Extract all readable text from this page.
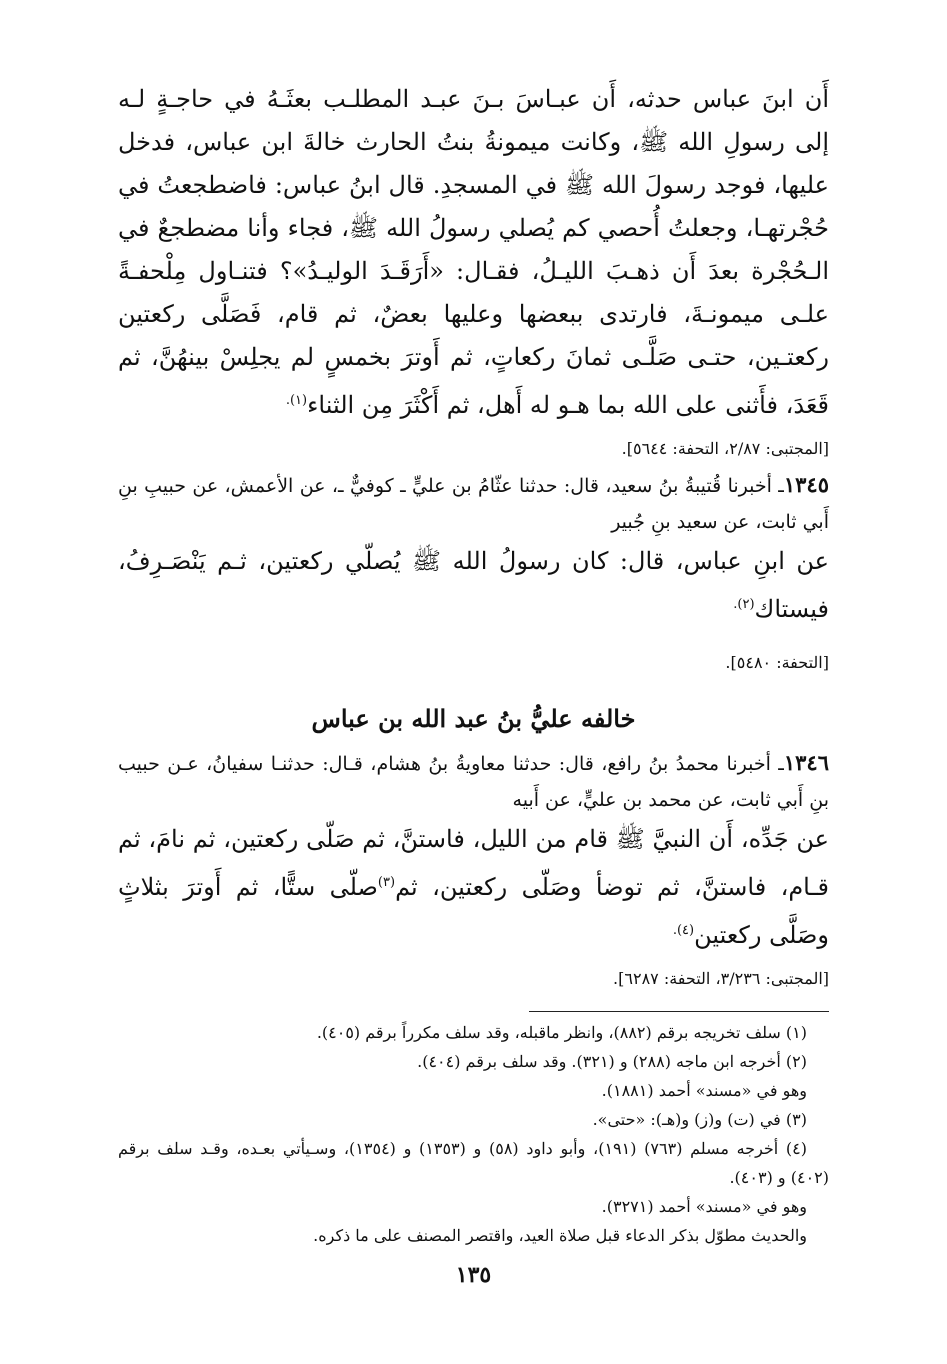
أَن ابنَ عباس حدثه، أَن عبـاسَ بـنَ عبـد المطلـب بعثَـهُ في حاجـةٍ لـه إلى رسولِ الله ﷺ، وكانت ميمونةُ بنتُ الحارث خالةَ ابن عباس، فدخل عليها، فوجد رسولَ الله ﷺ في المسجدِ. قال ابنُ عباس: فاضطجعتُ في حُجْرتهـا، وجعلتُ أُحصي كم يُصلي رسولُ الله ﷺ، فجاء وأنا مضطجعٌ في الـحُجْرة بعدَ أَن ذهـبَ الليـلُ، فقـال: «أَرَقَـدَ الوليـدُ»؟ فتنـاول مِلْحفـةً علـى ميمونـةَ، فارتدى ببعضها وعليها بعضٌ، ثم قام، فَصَلَّى ركعتين ركعتـين، حتـى صَلَّـى ثمانَ ركعاتٍ، ثم أَوترَ بخمسٍ لم يجلِسْ بينهُنَّ، ثم قَعَدَ، فأَثنى على الله بما هـو له أَهل، ثم أَكْثَرَ مِن الثناء$^{(١).}$

[المجتبى: ٢/٨٧، التحفة: ٥٦٤٤].

١٣٤٥ـ أخبرنا قُتيبةُ بنُ سعيد، قال: حدثنا عثّامُ بن عليٍّ ـ كوفيٌّ ـ، عن الأعمش، عن حبيبِ بنِ أَبي ثابت، عن سعيد بنِ جُبير

عن ابنِ عباس، قال: كان رسولُ الله ﷺ يُصلّي ركعتين، ثـم يَنْصَـرِفُ، فيستاك$^{(٢).}$

[التحفة: ٥٤٨٠].
خالفه عليُّ بنُ عبد الله بن عباس

١٣٤٦ـ أخبرنا محمدُ بنُ رافع، قال: حدثنا معاويةُ بنُ هشام، قـال: حدثنـا سفيانُ، عـن حبيب بنِ أَبي ثابت، عن محمد بن عليٍّ، عن أَبيه

عن جَدِّه، أَن النبيَّ ﷺ قام من الليل، فاستنَّ، ثم صَلّى ركعتين، ثم نامَ، ثم قـام، فاستنَّ، ثم توضأ وصَلّى ركعتين، ثم$^{(٣)}$صلّى ستًّا، ثم أَوترَ بثلاثٍ وصَلَّى ركعتين$^{(٤).}$

[المجتبى: ٣/٢٣٦، التحفة: ٦٢٨٧].

(١) سلف تخريجه برقم (٨٨٢)، وانظر ماقبله، وقد سلف مكرراً برقم (٤٠٥).

(٢) أخرجه ابن ماجه (٢٨٨) و (٣٢١). وقد سلف برقم (٤٠٤).

وهو في «مسند» أحمد (١٨٨١).

(٣) في (ت) و(ز) و(هـ): «حتى».

(٤) أخرجه مسلم (٧٦٣) (١٩١)، وأبو داود (٥٨) و (١٣٥٣) و (١٣٥٤)، وسـيأتي بعـده، وقـد سلف برقم (٤٠٢) و (٤٠٣).

وهو في «مسند» أحمد (٣٢٧١).

والحديث مطوّل بذكر الدعاء قبل صلاة العيد، واقتصر المصنف على ما ذكره.

١٣٥
